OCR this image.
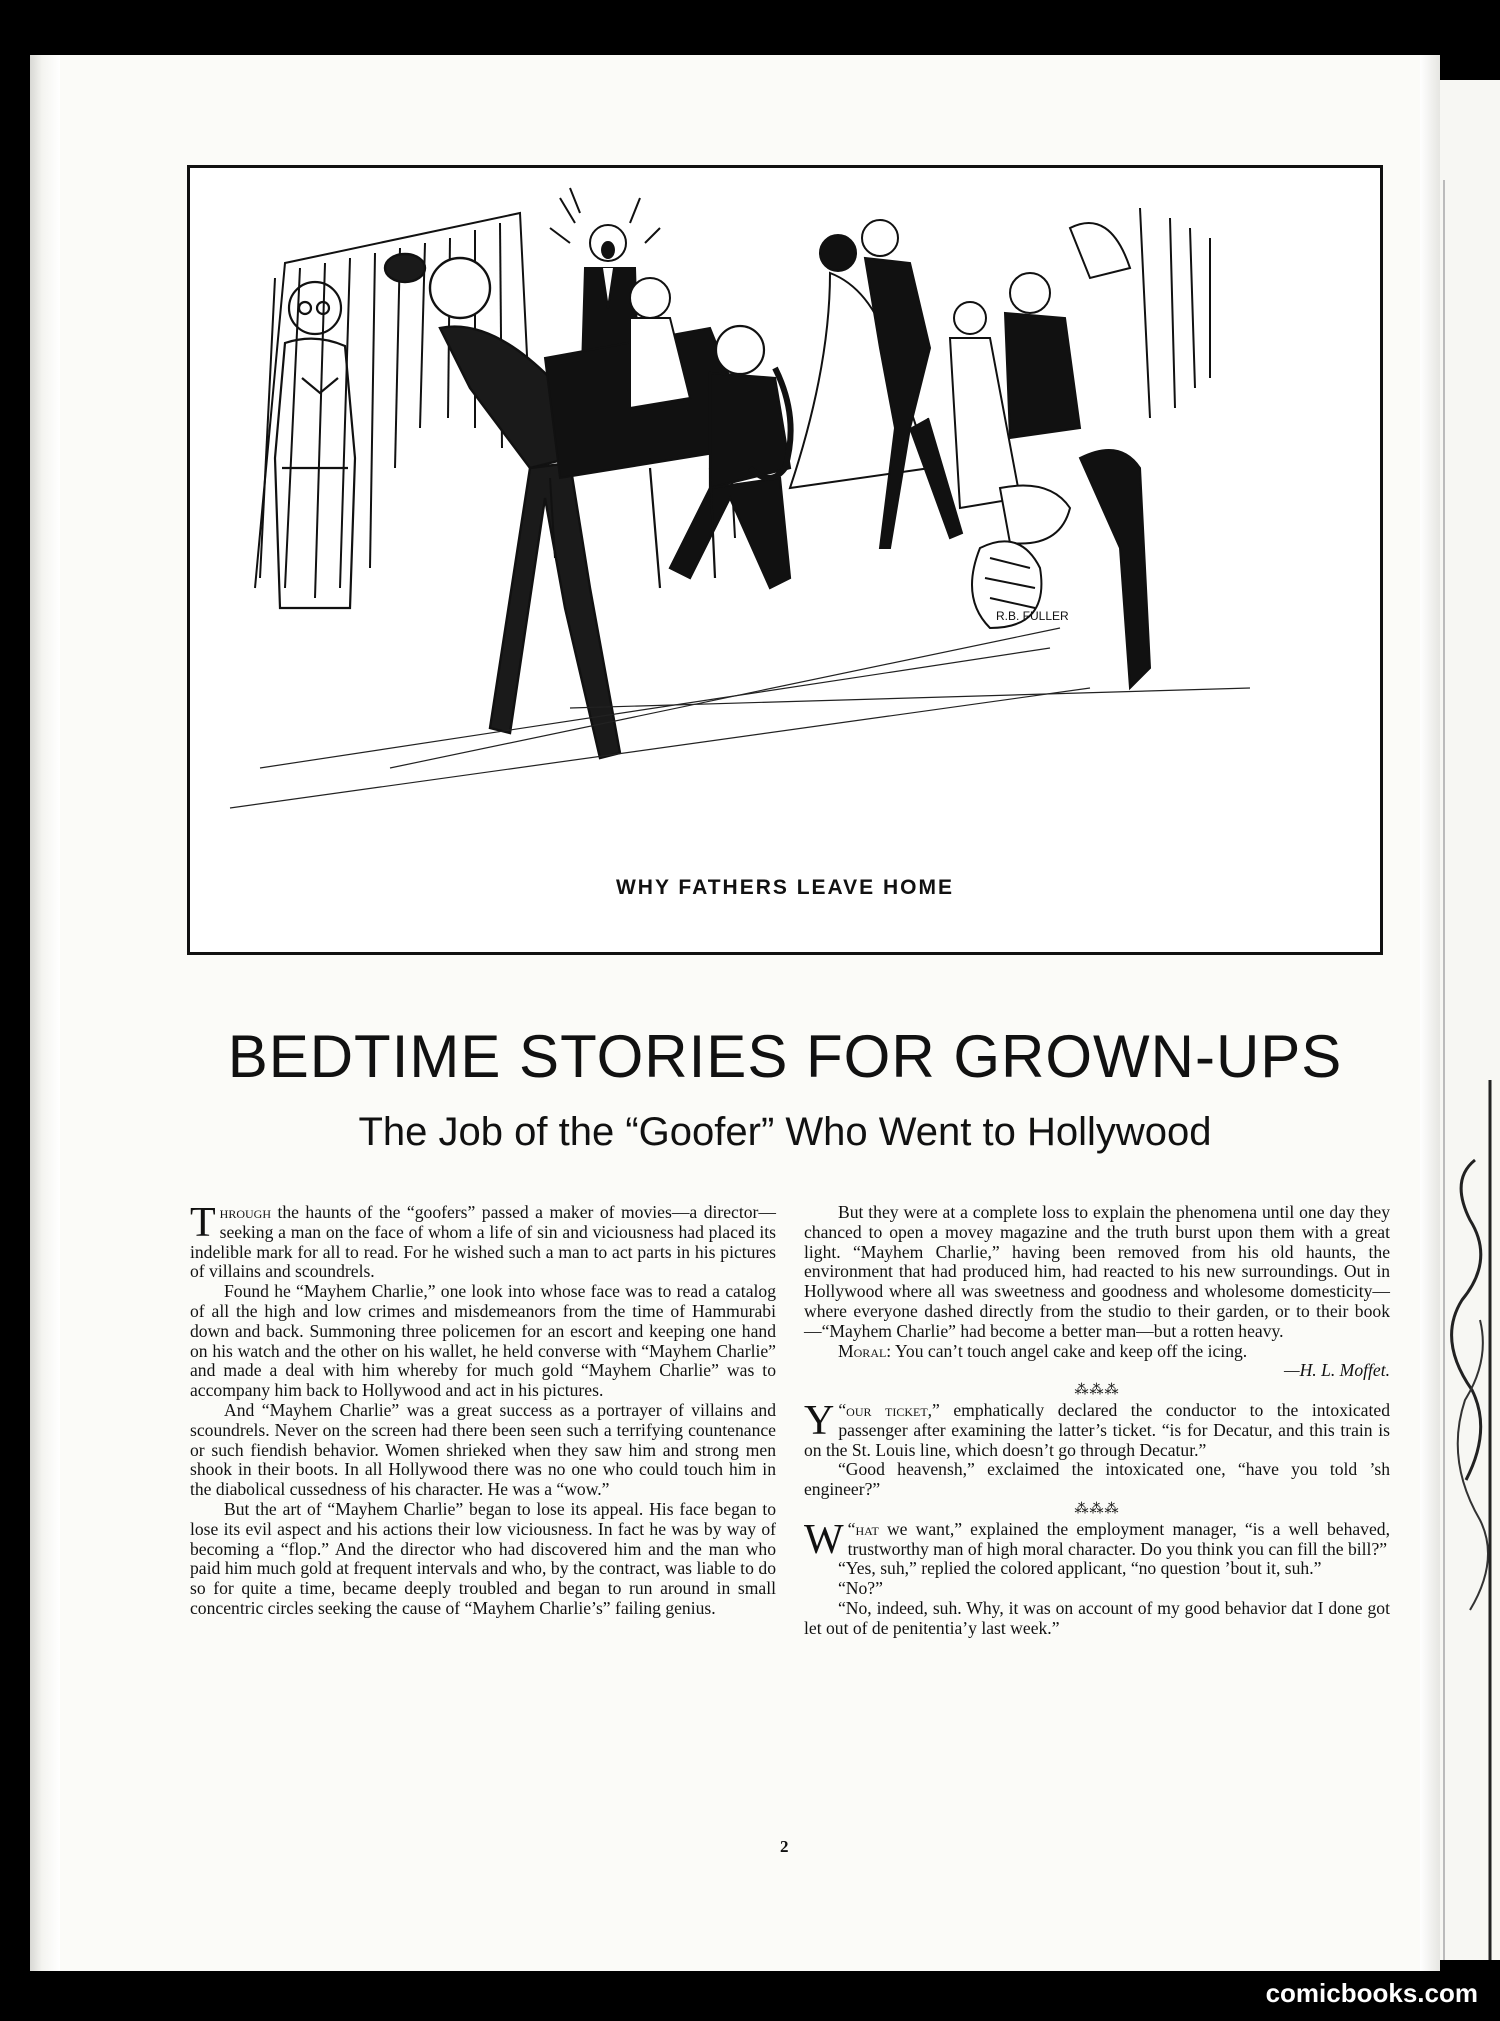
R.B. FULLER
WHY FATHERS LEAVE HOME
BEDTIME STORIES FOR GROWN-UPS
The Job of the “Goofer” Who Went to Hollywood

Through the haunts of the “goofers” passed a maker of movies—a director—seeking a man on the face of whom a life of sin and viciousness had placed its indelible mark for all to read. For he wished such a man to act parts in his pictures of villains and scoundrels.

Found he “Mayhem Charlie,” one look into whose face was to read a catalog of all the high and low crimes and misdemeanors from the time of Hammurabi down and back. Summoning three policemen for an escort and keeping one hand on his watch and the other on his wallet, he held converse with “Mayhem Charlie” and made a deal with him whereby for much gold “Mayhem Charlie” was to accompany him back to Hollywood and act in his pictures.

And “Mayhem Charlie” was a great success as a portrayer of villains and scoundrels. Never on the screen had there been seen such a terrifying countenance or such fiendish behavior. Women shrieked when they saw him and strong men shook in their boots. In all Hollywood there was no one who could touch him in the diabolical cussedness of his character. He was a “wow.”

But the art of “Mayhem Charlie” began to lose its appeal. His face began to lose its evil aspect and his actions their low viciousness. In fact he was by way of becoming a “flop.” And the director who had discovered him and the man who paid him much gold at frequent intervals and who, by the contract, was liable to do so for quite a time, became deeply troubled and began to run around in small concentric circles seeking the cause of “Mayhem Charlie’s” failing genius.

But they were at a complete loss to explain the phenomena until one day they chanced to open a movey magazine and the truth burst upon them with a great light. “Mayhem Charlie,” having been removed from his old haunts, the environment that had produced him, had reacted to his new surroundings. Out in Hollywood where all was sweetness and goodness and wholesome domesticity—where everyone dashed directly from the studio to their garden, or to their book—“Mayhem Charlie” had become a better man—but a rotten heavy.

Moral: You can’t touch angel cake and keep off the icing.

—H. L. Moffet.

⁂⁂⁂

“
Y our ticket,” emphatically declared the conductor to the intoxicated passenger after examining the latter’s ticket. “is for Decatur, and this train is on the St. Louis line, which doesn’t go through Decatur.”

“Good heavensh,” exclaimed the intoxicated one, “have you told ’sh engineer?”

⁂⁂⁂

“
W hat we want,” explained the employment manager, “is a well behaved, trustworthy man of high moral character. Do you think you can fill the bill?”

“Yes, suh,” replied the colored applicant, “no question ’bout it, suh.”

“No?”

“No, indeed, suh. Why, it was on account of my good behavior dat I done got let out of de penitentia’y last week.”

2
comicbooks.com
